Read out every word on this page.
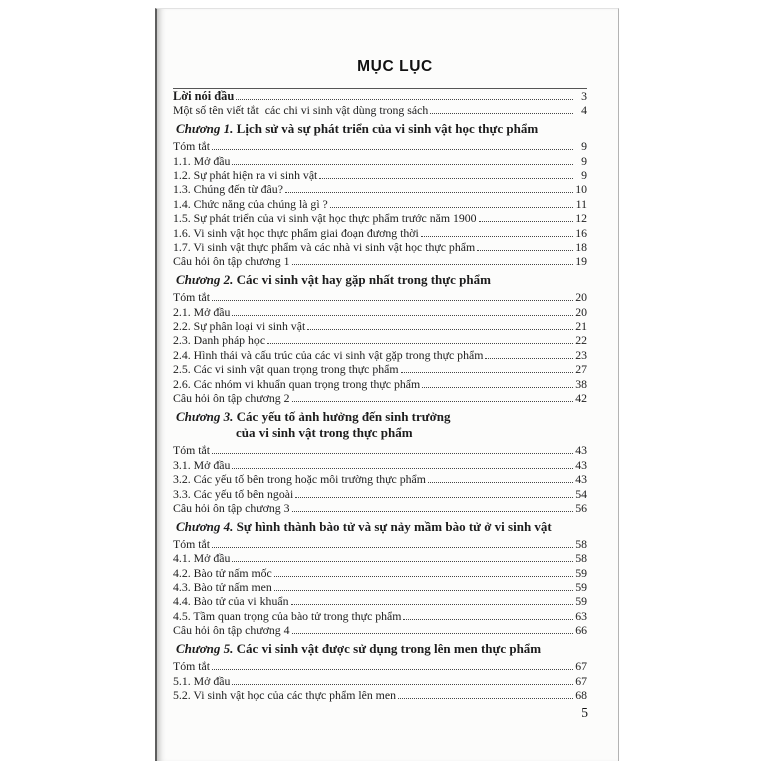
MỤC LỤC
Lời nói đầu	3
Một số tên viết tắt  các chi vi sinh vật dùng trong sách	4
Chương 1. Lịch sử và sự phát triển của vi sinh vật học thực phẩm
Tóm tắt	9
1.1. Mở đầu	9
1.2. Sự phát hiện ra vi sinh vật	9
1.3. Chúng đến từ đâu?	10
1.4. Chức năng của chúng là gì ?	11
1.5. Sự phát triển của vi sinh vật học thực phẩm trước năm 1900	12
1.6. Vi sinh vật học thực phẩm giai đoạn đương thời	16
1.7. Vi sinh vật thực phẩm và các nhà vi sinh vật học thực phẩm	18
Câu hỏi ôn tập chương 1	19
Chương 2. Các vi sinh vật hay gặp nhất trong thực phẩm
Tóm tắt	20
2.1. Mở đầu	20
2.2. Sự phân loại vi sinh vật	21
2.3. Danh pháp học	22
2.4. Hình thái và cấu trúc của các vi sinh vật gặp trong thực phẩm	23
2.5. Các vi sinh vật quan trọng trong thực phẩm	27
2.6. Các nhóm vi khuẩn quan trọng trong thực phẩm	38
Câu hỏi ôn tập chương 2	42
Chương 3. Các yếu tố ảnh hưởng đến sinh trưởng
của vi sinh vật trong thực phẩm
Tóm tắt	43
3.1. Mở đầu	43
3.2. Các yếu tố bên trong hoặc môi trường thực phẩm	43
3.3. Các yếu tố bên ngoài	54
Câu hỏi ôn tập chương 3	56
Chương 4. Sự hình thành bào tử và sự nảy mầm bào tử ở vi sinh vật
Tóm tắt	58
4.1. Mở đầu	58
4.2. Bào tử nấm mốc	59
4.3. Bào tử nấm men	59
4.4. Bào tử của vi khuẩn	59
4.5. Tầm quan trọng của bào tử trong thực phẩm	63
Câu hỏi ôn tập chương 4	66
Chương 5. Các vi sinh vật được sử dụng trong lên men thực phẩm
Tóm tắt	67
5.1. Mở đầu	67
5.2. Vi sinh vật học của các thực phẩm lên men	68
5
